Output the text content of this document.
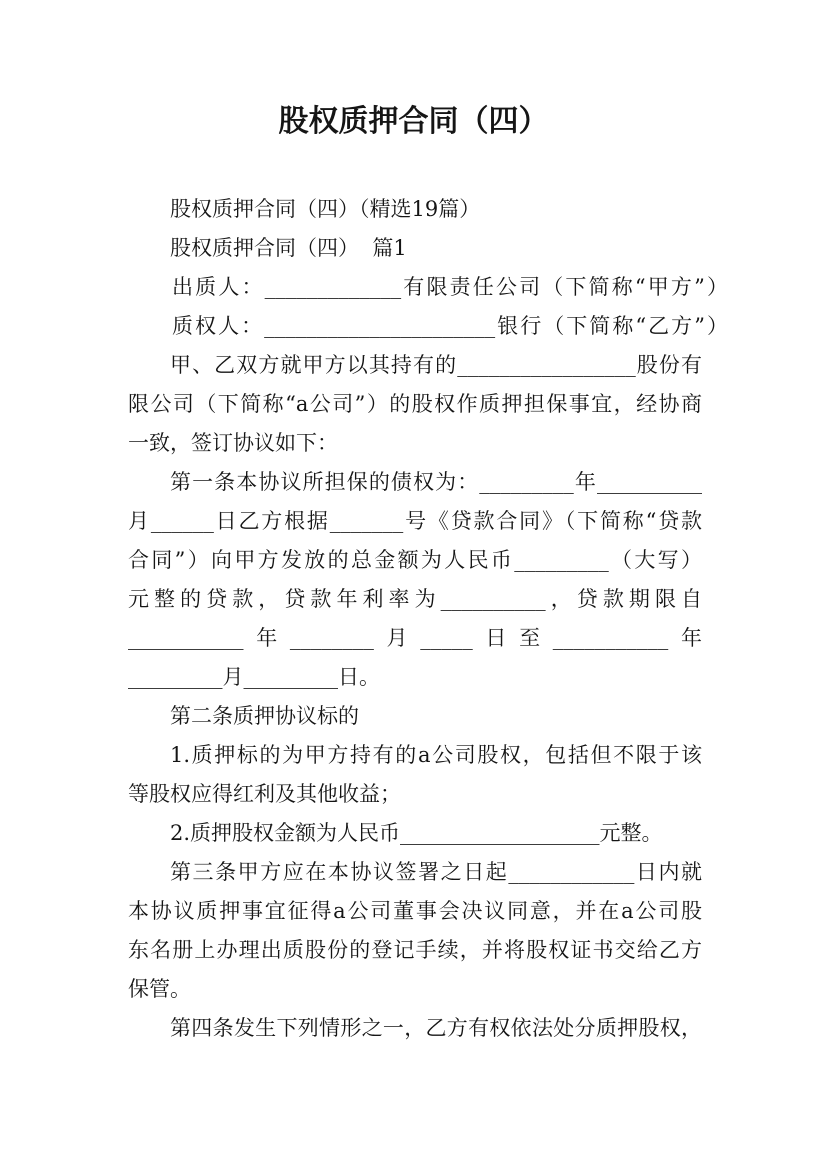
股权质押合同（四）
股权质押合同（四）（精选19篇）
股权质押合同（四）  篇1
出质人：_____________有限责任公司（下简称“甲方”）
质权人：______________________银行（下简称“乙方”）
甲、乙双方就甲方以其持有的_________________股份有
限公司（下简称“a公司”）的股权作质押担保事宜，经协商
一致，签订协议如下：
第一条本协议所担保的债权为：_________年__________
月______日乙方根据_______号《贷款合同》（下简称“贷款
合同”）向甲方发放的总金额为人民币_________（大写）
元整的贷款，贷款年利率为__________，贷款期限自
___________年________月_____日至___________年
_________月_________日。
第二条质押协议标的
1.质押标的为甲方持有的a公司股权，包括但不限于该
等股权应得红利及其他收益；
2.质押股权金额为人民币___________________元整。
第三条甲方应在本协议签署之日起____________日内就
本协议质押事宜征得a公司董事会决议同意，并在a公司股
东名册上办理出质股份的登记手续，并将股权证书交给乙方
保管。
第四条发生下列情形之一，乙方有权依法处分质押股权，
